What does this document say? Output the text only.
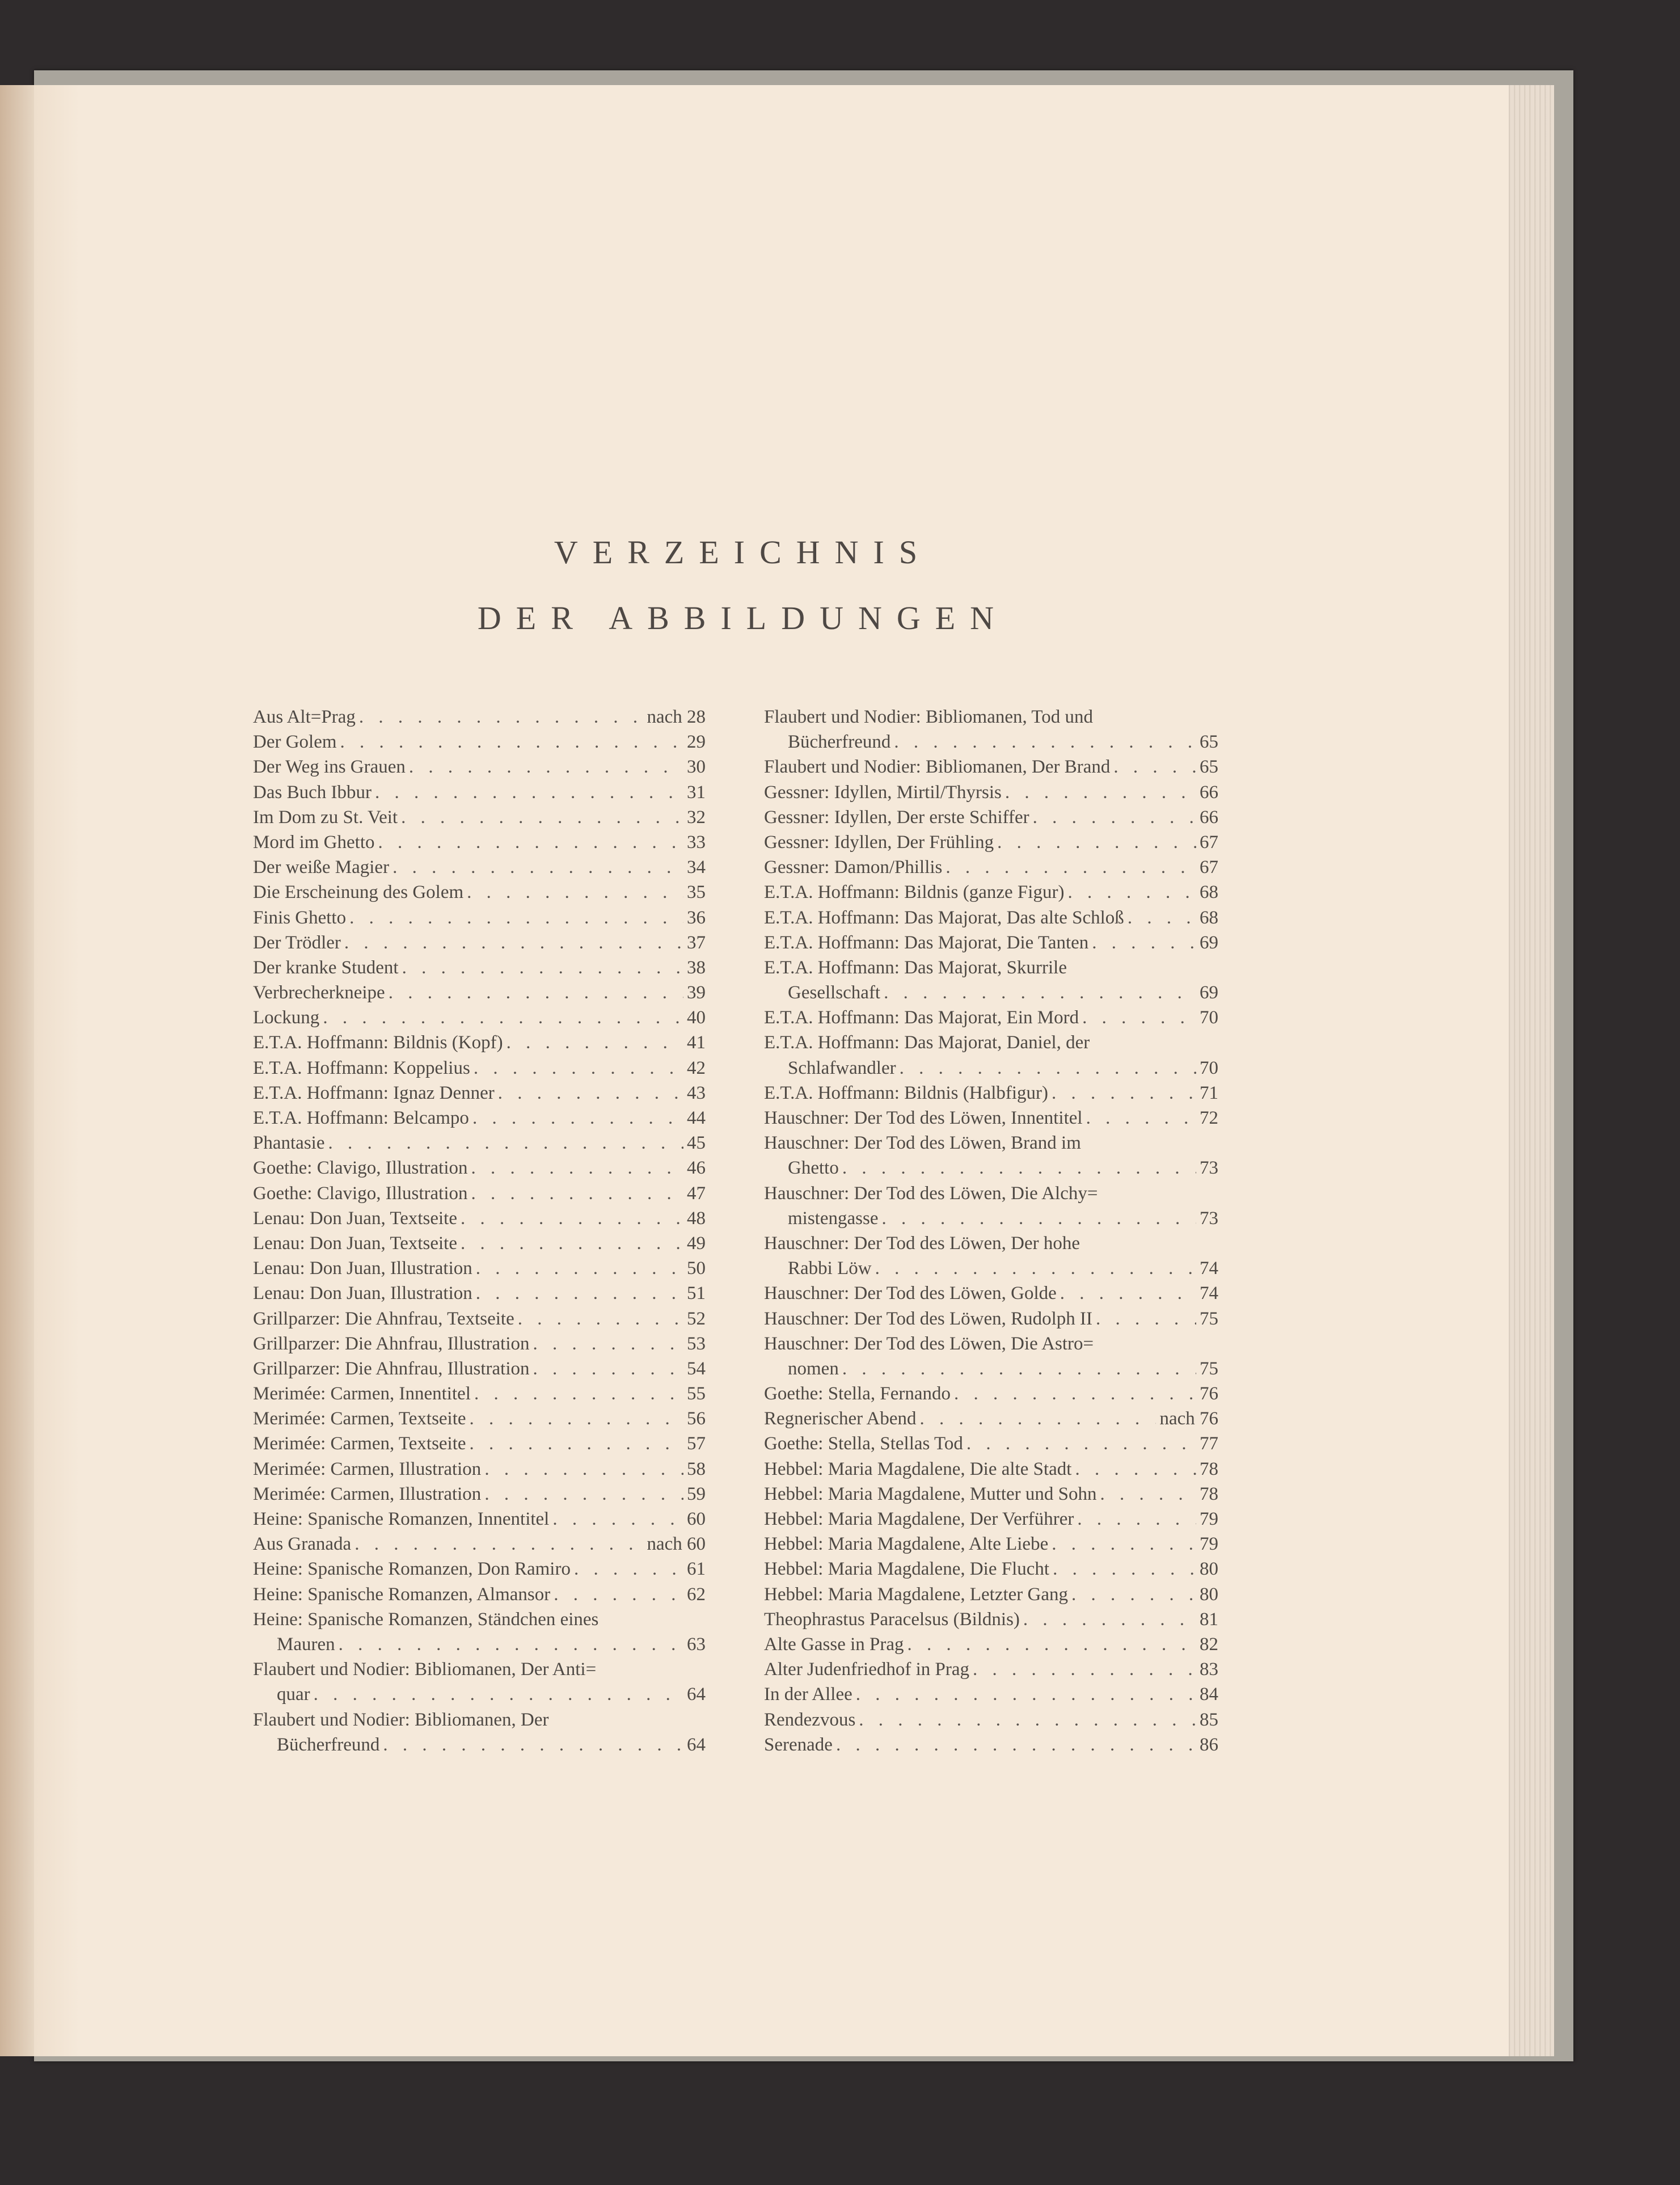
VERZEICHNIS
DER ABBILDUNGEN
Aus Alt=Prag . . .	nach 28
Der Golem . . .	29
Der Weg ins Grauen . . .	30
Das Buch Ibbur . . .	31
Im Dom zu St. Veit . . .	32
Mord im Ghetto . . .	33
Der weiße Magier . . .	34
Die Erscheinung des Golem . . .	35
Finis Ghetto . . .	36
Der Trödler . . .	37
Der kranke Student . . .	38
Verbrecherkneipe . . .	39
Lockung . . .	40
E.T.A. Hoffmann: Bildnis (Kopf) . . .	41
E.T.A. Hoffmann: Koppelius . . .	42
E.T.A. Hoffmann: Ignaz Denner . . .	43
E.T.A. Hoffmann: Belcampo . . .	44
Phantasie . . .	45
Goethe: Clavigo, Illustration . . .	46
Goethe: Clavigo, Illustration . . .	47
Lenau: Don Juan, Textseite . . .	48
Lenau: Don Juan, Textseite . . .	49
Lenau: Don Juan, Illustration . . .	50
Lenau: Don Juan, Illustration . . .	51
Grillparzer: Die Ahnfrau, Textseite . . .	52
Grillparzer: Die Ahnfrau, Illustration . . .	53
Grillparzer: Die Ahnfrau, Illustration . . .	54
Merimée: Carmen, Innentitel . . .	55
Merimée: Carmen, Textseite . . .	56
Merimée: Carmen, Textseite . . .	57
Merimée: Carmen, Illustration . . .	58
Merimée: Carmen, Illustration . . .	59
Heine: Spanische Romanzen, Innentitel . . .	60
Aus Granada . . .	nach 60
Heine: Spanische Romanzen, Don Ramiro . . .	61
Heine: Spanische Romanzen, Almansor . . .	62
Heine: Spanische Romanzen, Ständchen eines
Mauren . . .	63
Flaubert und Nodier: Bibliomanen, Der Anti=
quar . . .	64
Flaubert und Nodier: Bibliomanen, Der
Bücherfreund . . .	64
Flaubert und Nodier: Bibliomanen, Tod und
Bücherfreund . . .	65
Flaubert und Nodier: Bibliomanen, Der Brand . . .	65
Gessner: Idyllen, Mirtil/Thyrsis . . .	66
Gessner: Idyllen, Der erste Schiffer . . .	66
Gessner: Idyllen, Der Frühling . . .	67
Gessner: Damon/Phillis . . .	67
E.T.A. Hoffmann: Bildnis (ganze Figur) . . .	68
E.T.A. Hoffmann: Das Majorat, Das alte Schloß . . .	68
E.T.A. Hoffmann: Das Majorat, Die Tanten . . .	69
E.T.A. Hoffmann: Das Majorat, Skurrile
Gesellschaft . . .	69
E.T.A. Hoffmann: Das Majorat, Ein Mord . . .	70
E.T.A. Hoffmann: Das Majorat, Daniel, der
Schlafwandler . . .	70
E.T.A. Hoffmann: Bildnis (Halbfigur) . . .	71
Hauschner: Der Tod des Löwen, Innentitel . . .	72
Hauschner: Der Tod des Löwen, Brand im
Ghetto . . .	73
Hauschner: Der Tod des Löwen, Die Alchy=
mistengasse . . .	73
Hauschner: Der Tod des Löwen, Der hohe
Rabbi Löw . . .	74
Hauschner: Der Tod des Löwen, Golde . . .	74
Hauschner: Der Tod des Löwen, Rudolph II . . .	75
Hauschner: Der Tod des Löwen, Die Astro=
nomen . . .	75
Goethe: Stella, Fernando . . .	76
Regnerischer Abend . . .	nach 76
Goethe: Stella, Stellas Tod . . .	77
Hebbel: Maria Magdalene, Die alte Stadt . . .	78
Hebbel: Maria Magdalene, Mutter und Sohn . . .	78
Hebbel: Maria Magdalene, Der Verführer . . .	79
Hebbel: Maria Magdalene, Alte Liebe . . .	79
Hebbel: Maria Magdalene, Die Flucht . . .	80
Hebbel: Maria Magdalene, Letzter Gang . . .	80
Theophrastus Paracelsus (Bildnis) . . .	81
Alte Gasse in Prag . . .	82
Alter Judenfriedhof in Prag . . .	83
In der Allee . . .	84
Rendezvous . . .	85
Serenade . . .	86
